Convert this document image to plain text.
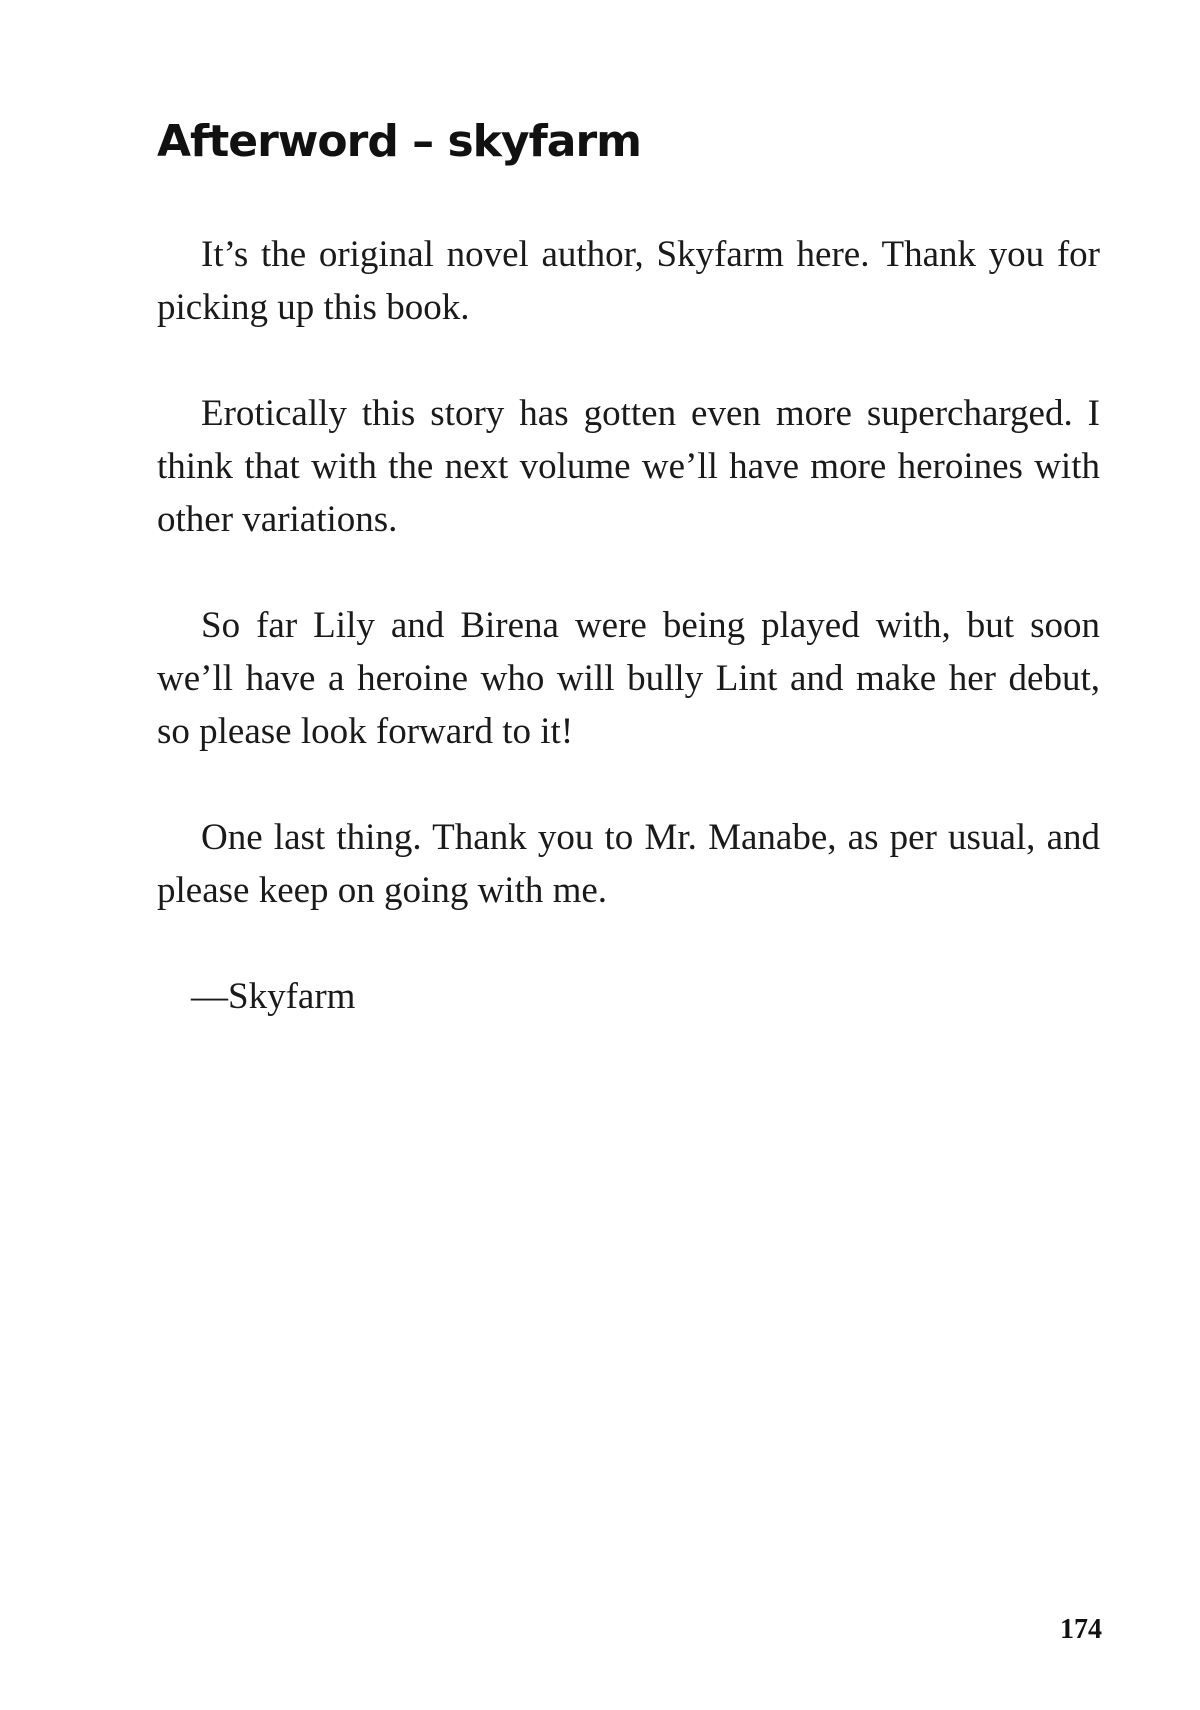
Afterword – skyfarm

It’s the original novel author, Skyfarm here. Thank you for picking up this book.

Erotically this story has gotten even more supercharged. I think that with the next volume we’ll have more heroines with other variations.

So far Lily and Birena were being played with, but soon we’ll have a heroine who will bully Lint and make her debut, so please look forward to it!

One last thing. Thank you to Mr. Manabe, as per usual, and please keep on going with me.

—Skyfarm

174
